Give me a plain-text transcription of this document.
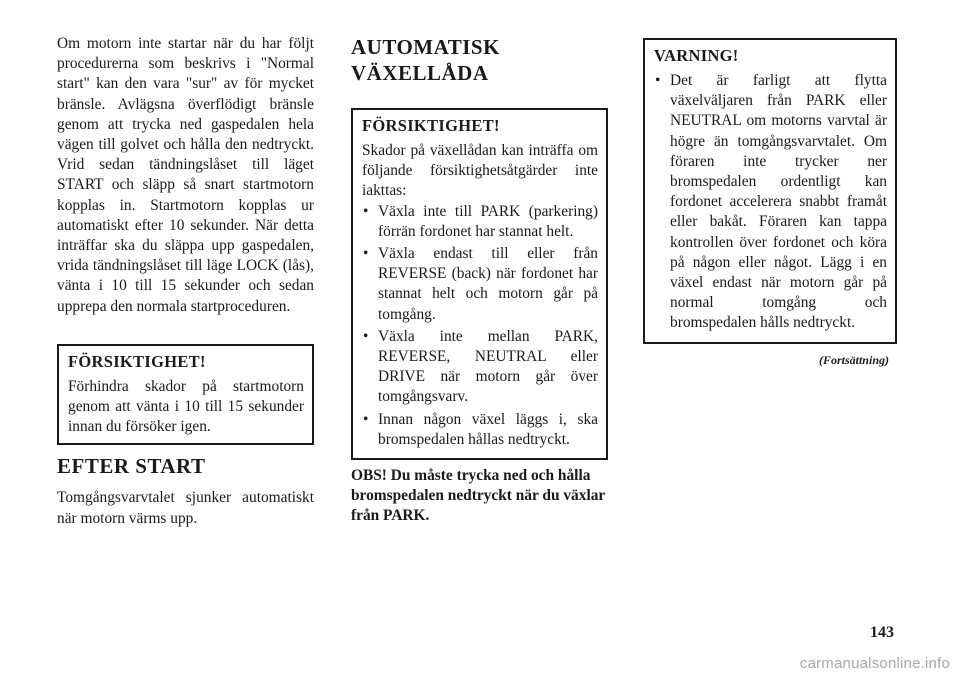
Om motorn inte startar när du har följt procedurerna som beskrivs i "Normal start" kan den vara "sur" av för mycket bränsle. Avlägsna överflödigt bränsle genom att trycka ned gaspedalen hela vägen till golvet och hålla den nedtryckt. Vrid sedan tändningslåset till läget START och släpp så snart startmotorn kopplas in. Startmotorn kopplas ur automatiskt efter 10 sekunder. När detta inträffar ska du släppa upp gaspedalen, vrida tändningslåset till läge LOCK (lås), vänta i 10 till 15 sekunder och sedan upprepa den normala startproceduren.

FÖRSIKTIGHET!

Förhindra skador på startmotorn genom att vänta i 10 till 15 sekunder innan du försöker igen.

EFTER START

Tomgångsvarvtalet sjunker automatiskt när motorn värms upp.

AUTOMATISK
VÄXELLÅDA
FÖRSIKTIGHET!

Skador på växellådan kan inträffa om följande försiktighetsåtgärder inte iakttas:

• Växla inte till PARK (parkering) förrän fordonet har stannat helt.
• Växla endast till eller från REVERSE (back) när fordonet har stannat helt och motorn går på tomgång.
• Växla inte mellan PARK, REVERSE, NEUTRAL eller DRIVE när motorn går över tomgångsvarv.
• Innan någon växel läggs i, ska bromspedalen hållas nedtryckt.

OBS! Du måste trycka ned och hålla bromspedalen nedtryckt när du växlar från PARK.

VARNING!
• Det är farligt att flytta växelväljaren från PARK eller NEUTRAL om motorns varvtal är högre än tomgångsvarvtalet. Om föraren inte trycker ner bromspedalen ordentligt kan fordonet accelerera snabbt framåt eller bakåt. Föraren kan tappa kontrollen över fordonet och köra på någon eller något. Lägg i en växel endast när motorn går på normal tomgång och bromspedalen hålls nedtryckt.
(Fortsättning)
143
carmanualsonline.info
